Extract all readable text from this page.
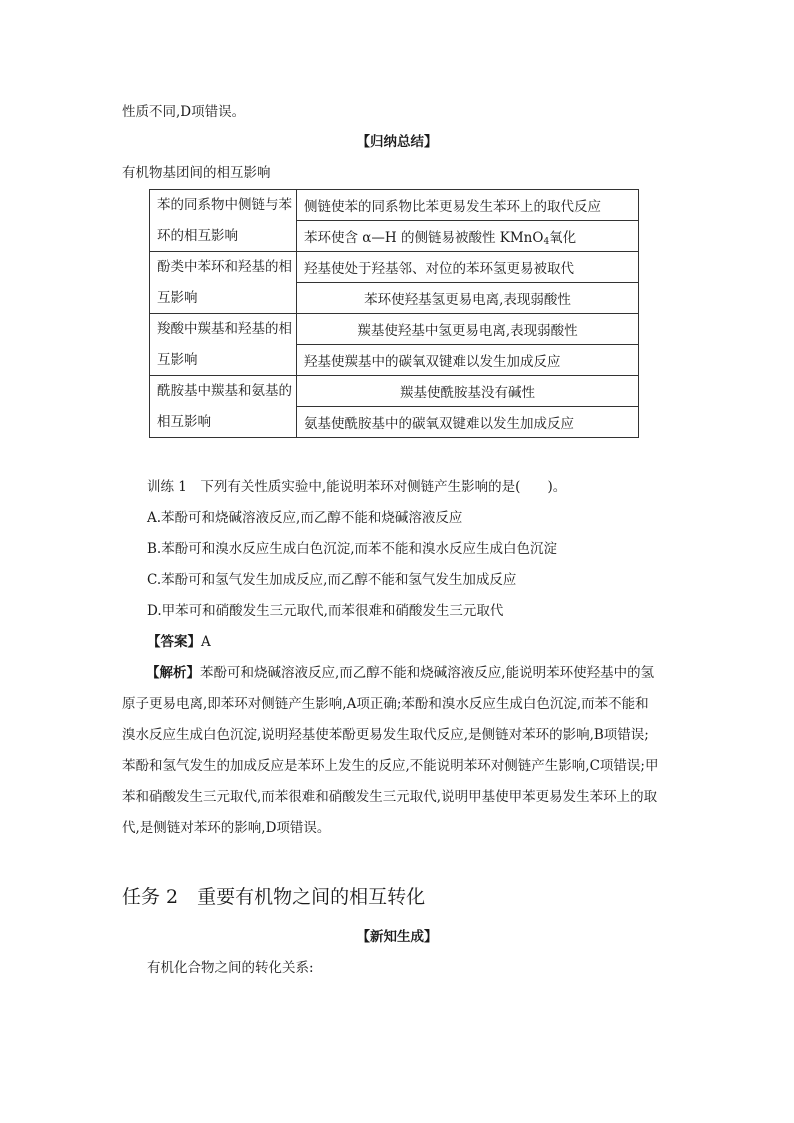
性质不同,D项错误。
【归纳总结】
有机物基团间的相互影响
苯的同系物中侧链与苯
环的相互影响	侧链使苯的同系物比苯更易发生苯环上的取代反应
	苯环使含 α—H 的侧链易被酸性 KMnO$_4$氧化

酚类中苯环和羟基的相
互影响	羟基使处于羟基邻、对位的苯环氢更易被取代
	苯环使羟基氢更易电离,表现弱酸性

羧酸中羰基和羟基的相
互影响	羰基使羟基中氢更易电离,表现弱酸性
	羟基使羰基中的碳氧双键难以发生加成反应

酰胺基中羰基和氨基的
相互影响	羰基使酰胺基没有碱性
	氨基使酰胺基中的碳氧双键难以发生加成反应
训练 1　下列有关性质实验中,能说明苯环对侧链产生影响的是(　　)。
A.苯酚可和烧碱溶液反应,而乙醇不能和烧碱溶液反应
B.苯酚可和溴水反应生成白色沉淀,而苯不能和溴水反应生成白色沉淀
C.苯酚可和氢气发生加成反应,而乙醇不能和氢气发生加成反应
D.甲苯可和硝酸发生三元取代,而苯很难和硝酸发生三元取代
【答案】A
【解析】苯酚可和烧碱溶液反应,而乙醇不能和烧碱溶液反应,能说明苯环使羟基中的氢原子更易电离,即苯环对侧链产生影响,A项正确;苯酚和溴水反应生成白色沉淀,而苯不能和溴水反应生成白色沉淀,说明羟基使苯酚更易发生取代反应,是侧链对苯环的影响,B项错误;苯酚和氢气发生的加成反应是苯环上发生的反应,不能说明苯环对侧链产生影响,C项错误;甲苯和硝酸发生三元取代,而苯很难和硝酸发生三元取代,说明甲基使甲苯更易发生苯环上的取代,是侧链对苯环的影响,D项错误。
任务 2　重要有机物之间的相互转化
【新知生成】
有机化合物之间的转化关系:
